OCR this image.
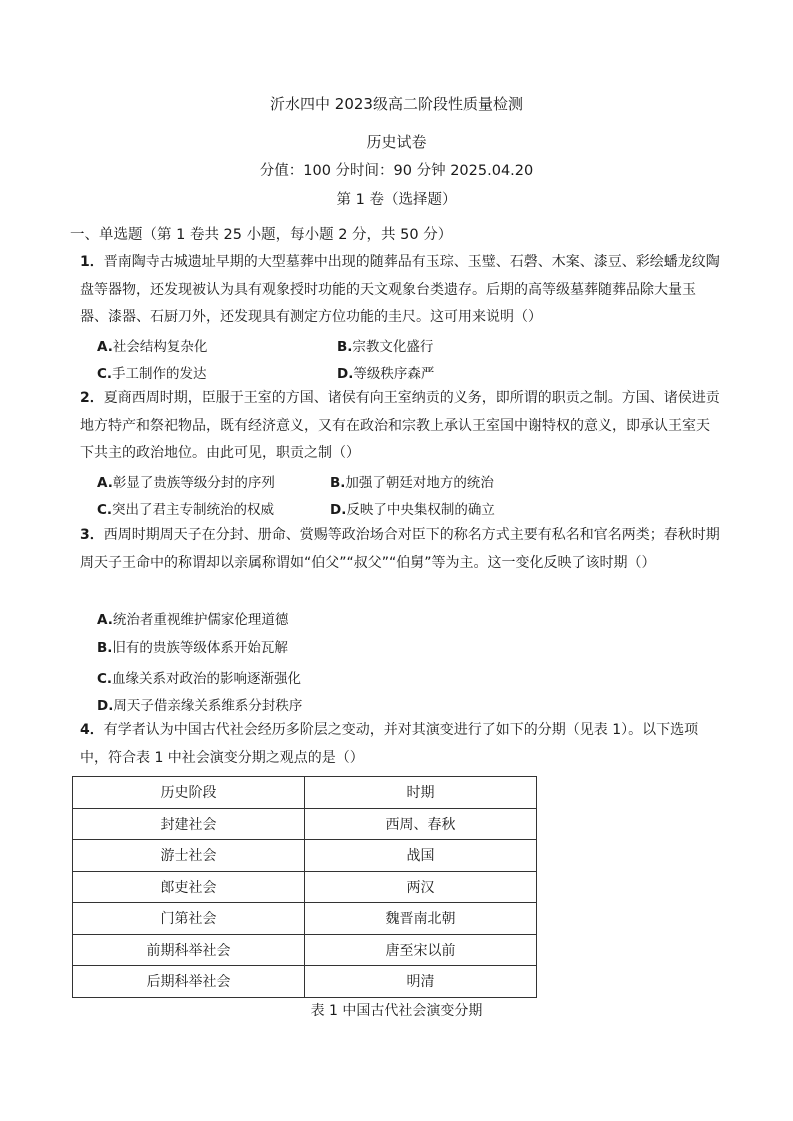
沂水四中 2023级高二阶段性质量检测
历史试卷
分值：100 分时间：90 分钟 2025.04.20
第 1 卷（选择题）
一、单选题（第 1 卷共 25 小题，每小题 2 分，共 50 分）
1．晋南陶寺古城遗址早期的大型墓葬中出现的随葬品有玉琮、玉璧、石磬、木案、漆豆、彩绘蟠龙纹陶盘等器物，还发现被认为具有观象授时功能的天文观象台类遗存。后期的高等级墓葬随葬品除大量玉器、漆器、石厨刀外，还发现具有测定方位功能的圭尺。这可用来说明（）
A.社会结构复杂化	B.宗教文化盛行
C.手工制作的发达	D.等级秩序森严
2．夏商西周时期，臣服于王室的方国、诸侯有向王室纳贡的义务，即所谓的职贡之制。方国、诸侯进贡地方特产和祭祀物品，既有经济意义，又有在政治和宗教上承认王室国中谢特权的意义，即承认王室天下共主的政治地位。由此可见，职贡之制（）
A.彰显了贵族等级分封的序列	B.加强了朝廷对地方的统治
C.突出了君主专制统治的权威	D.反映了中央集权制的确立
3．西周时期周天子在分封、册命、赏赐等政治场合对臣下的称名方式主要有私名和官名两类；春秋时期周天子王命中的称谓却以亲属称谓如“伯父”“叔父”“伯舅”等为主。这一变化反映了该时期（）
A.统治者重视维护儒家伦理道德
B.旧有的贵族等级体系开始瓦解
C.血缘关系对政治的影响逐渐强化
D.周天子借亲缘关系维系分封秩序
4．有学者认为中国古代社会经历多阶层之变动，并对其演变进行了如下的分期（见表 1）。以下选项中，符合表 1 中社会演变分期之观点的是（）
历史阶段	时期
封建社会	西周、春秋
游士社会	战国
郎吏社会	两汉
门第社会	魏晋南北朝
前期科举社会	唐至宋以前
后期科举社会	明清
表 1 中国古代社会演变分期
